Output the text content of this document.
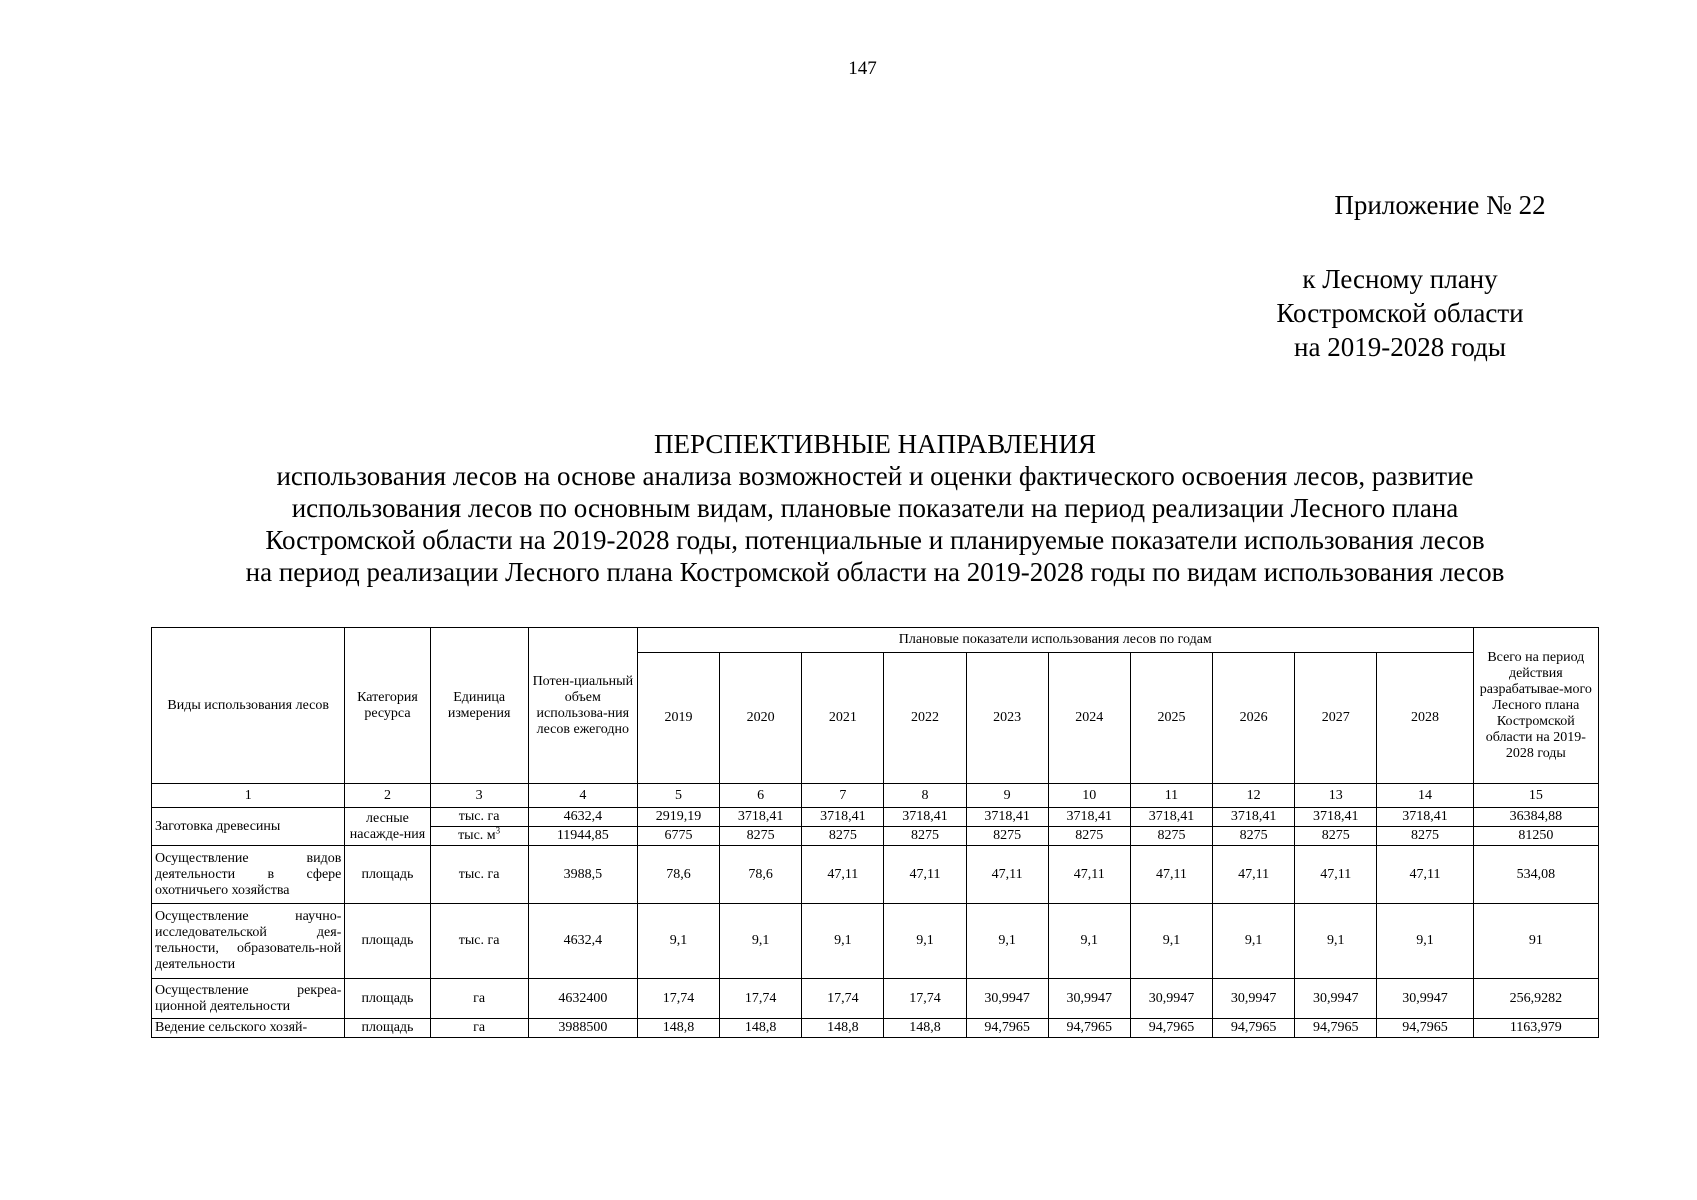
147
Приложение № 22
к Лесному плану
Костромской области
на 2019-2028 годы
ПЕРСПЕКТИВНЫЕ НАПРАВЛЕНИЯ
использования лесов на основе анализа возможностей и оценки фактического освоения лесов, развитие
использования лесов по основным видам, плановые показатели на период реализации Лесного плана
Костромской области на 2019-2028 годы, потенциальные и планируемые показатели использования лесов
на период реализации Лесного плана Костромской области на 2019-2028 годы по видам использования лесов
Виды использования лесов	Категория ресурса	Единица измерения	Потен-циальный объем использова-ния лесов ежегодно	Плановые показатели использования лесов по годам										Всего на период действия разрабатывае-мого Лесного плана Костромской области на 2019-2028 годы
				2019	2020	2021	2022	2023	2024	2025	2026	2027	2028	
1	2	3	4	5	6	7	8	9	10	11	12	13	14	15
Заготовка древесины	лесные насажде-ния	тыс. га	4632,4	2919,19	3718,41	3718,41	3718,41	3718,41	3718,41	3718,41	3718,41	3718,41	3718,41	36384,88
		тыс. $м^3$	11944,85	6775	8275	8275	8275	8275	8275	8275	8275	8275	8275	81250
Осуществление видов деятельности в сфере охотничьего хозяйства	площадь	тыс. га	3988,5	78,6	78,6	47,11	47,11	47,11	47,11	47,11	47,11	47,11	47,11	534,08
Осуществление научно-исследовательской дея-тельности, образователь-ной деятельности	площадь	тыс. га	4632,4	9,1	9,1	9,1	9,1	9,1	9,1	9,1	9,1	9,1	9,1	91
Осуществление рекреа-ционной деятельности	площадь	га	4632400	17,74	17,74	17,74	17,74	30,9947	30,9947	30,9947	30,9947	30,9947	30,9947	256,9282
Ведение сельского хозяй-	площадь	га	3988500	148,8	148,8	148,8	148,8	94,7965	94,7965	94,7965	94,7965	94,7965	94,7965	1163,979
